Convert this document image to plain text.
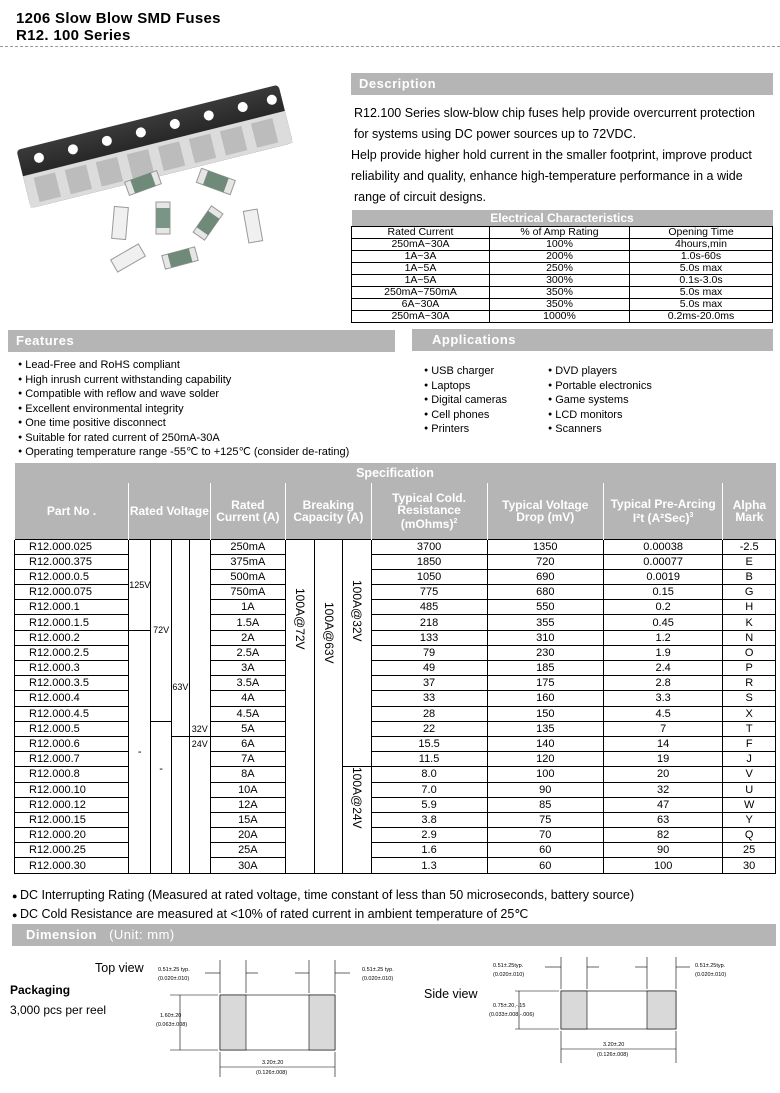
1206 Slow Blow SMD Fuses
R12. 100 Series
Description

R12.100 Series slow-blow chip fuses help provide overcurrent protection

for systems using DC power sources up to 72VDC.

Help provide higher hold current in the smaller footprint, improve product

reliability and quality, enhance high-temperature performance in a wide

range of circuit designs.

Electrical Characteristics		
Rated Current	% of Amp Rating	Opening Time
250mA~30A	100%	4hours,min
1A~3A	200%	1.0s-60s
1A~5A	250%	5.0s max
1A~5A	300%	0.1s-3.0s
250mA~750mA	350%	5.0s max
6A~30A	350%	5.0s max
250mA~30A	1000%	0.2ms-20.0ms
Features
● Lead-Free and RoHS compliant
● High inrush current withstanding capability
● Compatible with reflow and wave solder
● Excellent environmental integrity
● One time positive disconnect
● Suitable for rated current of 250mA-30A
● Operating temperature range -55℃ to +125℃ (consider de-rating)
Applications
● USB charger
● Laptops
● Digital cameras
● Cell phones
● Printers
● DVD players
● Portable electronics
● Game systems
● LCD monitors
● Scanners
Specification												
Part No .	Rated Voltage				Rated Current (A)	Breaking Capacity (A)			Typical Cold. Resistance (mOhms)$^2$	Typical Voltage Drop (mV)	Typical Pre-Arcing I²t $(A^2Sec)^3$	Alpha Mark
R12.000.025	125V	72V	63V	32V	250mA	100A@72V	100A@63V	100A@32V	3700	1350	0.00038	-2.5
R12.000.375					375mA				1850	720	0.00077	E
R12.000.0.5					500mA				1050	690	0.0019	B
R12.000.075					750mA				775	680	0.15	G
R12.000.1					1A				485	550	0.2	H
R12.000.1.5					1.5A				218	355	0.45	K
R12.000.2	-				2A				133	310	1.2	N
R12.000.2.5					2.5A				79	230	1.9	O
R12.000.3					3A				49	185	2.4	P
R12.000.3.5					3.5A				37	175	2.8	R
R12.000.4					4A				33	160	3.3	S
R12.000.4.5					4.5A				28	150	4.5	X
R12.000.5		-			5A				22	135	7	T
R12.000.6				24V	6A				15.5	140	14	F
R12.000.7					7A				11.5	120	19	J
R12.000.8					8A			100A@24V	8.0	100	20	V
R12.000.10					10A				7.0	90	32	U
R12.000.12					12A				5.9	85	47	W
R12.000.15					15A				3.8	75	63	Y
R12.000.20					20A				2.9	70	82	Q
R12.000.25					25A				1.6	60	90	25
R12.000.30					30A				1.3	60	100	30
● DC Interrupting Rating (Measured at rated voltage, time constant of less than 50 microseconds, battery source)
● DC Cold Resistance are measured at <10% of rated current in ambient temperature of 25℃
Dimension (Unit: mm)
Top view
Packaging
3,000 pcs per reel
Side view
0.51±.25 typ.
(0.020±.010)
0.51±.25 typ.
(0.020±.010)
1.60±.20
(0.063±.008)
3.20±.20
(0.126±.008)
0.51±.25typ.
(0.020±.010)
0.51±.25typ.
(0.020±.010)
0.75±.20,-.15
(0.033±.008,-.006)
3.20±.20
(0.126±.008)
